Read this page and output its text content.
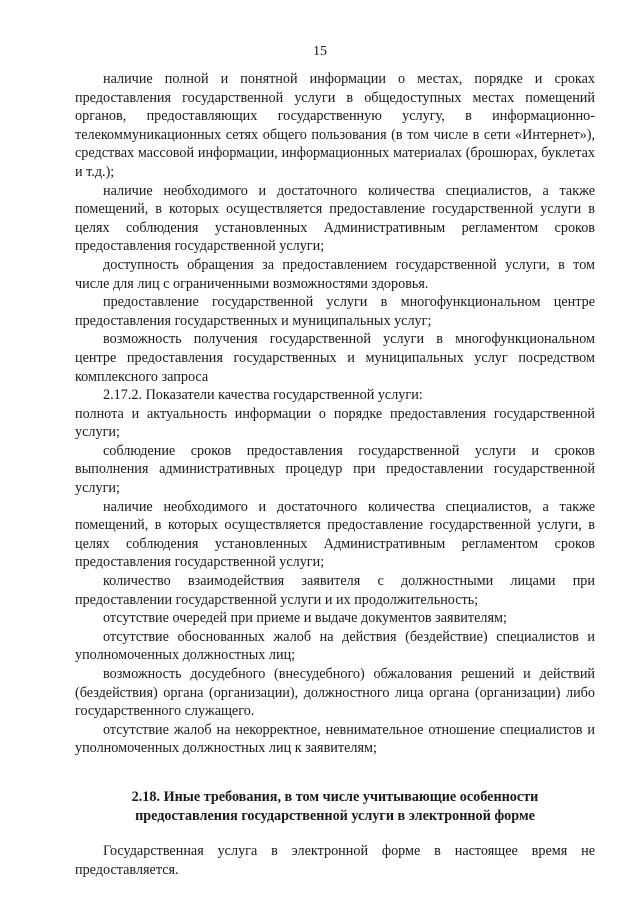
15

наличие полной и понятной информации о местах, порядке и сроках предоставления государственной услуги в общедоступных местах помещений органов, предоставляющих государственную услугу, в информационно-телекоммуникационных сетях общего пользования (в том числе в сети «Интернет»), средствах массовой информации, информационных материалах (брошюрах, буклетах и т.д.);

наличие необходимого и достаточного количества специалистов, а также помещений, в которых осуществляется предоставление государственной услуги в целях соблюдения установленных Административным регламентом сроков предоставления государственной услуги;

доступность обращения за предоставлением государственной услуги, в том числе для лиц с ограниченными возможностями здоровья.

предоставление государственной услуги в многофункциональном центре предоставления государственных и муниципальных услуг;

возможность получения государственной услуги в многофункциональном центре предоставления государственных и муниципальных услуг посредством комплексного запроса

2.17.2. Показатели качества государственной услуги:

полнота и актуальность информации о порядке предоставления государственной услуги;

соблюдение сроков предоставления государственной услуги и сроков выполнения административных процедур при предоставлении государственной услуги;

наличие необходимого и достаточного количества специалистов, а также помещений, в которых осуществляется предоставление государственной услуги, в целях соблюдения установленных Административным регламентом сроков предоставления государственной услуги;

количество взаимодействия заявителя с должностными лицами при предоставлении государственной услуги и их продолжительность;

отсутствие очередей при приеме и выдаче документов заявителям;

отсутствие обоснованных жалоб на действия (бездействие) специалистов и уполномоченных должностных лиц;

возможность досудебного (внесудебного) обжалования решений и действий (бездействия) органа (организации), должностного лица органа (организации) либо государственного служащего.

отсутствие жалоб на некорректное, невнимательное отношение специалистов и уполномоченных должностных лиц к заявителям;

2.18. Иные требования, в том числе учитывающие особенности
предоставления государственной услуги в электронной форме

Государственная услуга в электронной форме в настоящее время не предоставляется.
